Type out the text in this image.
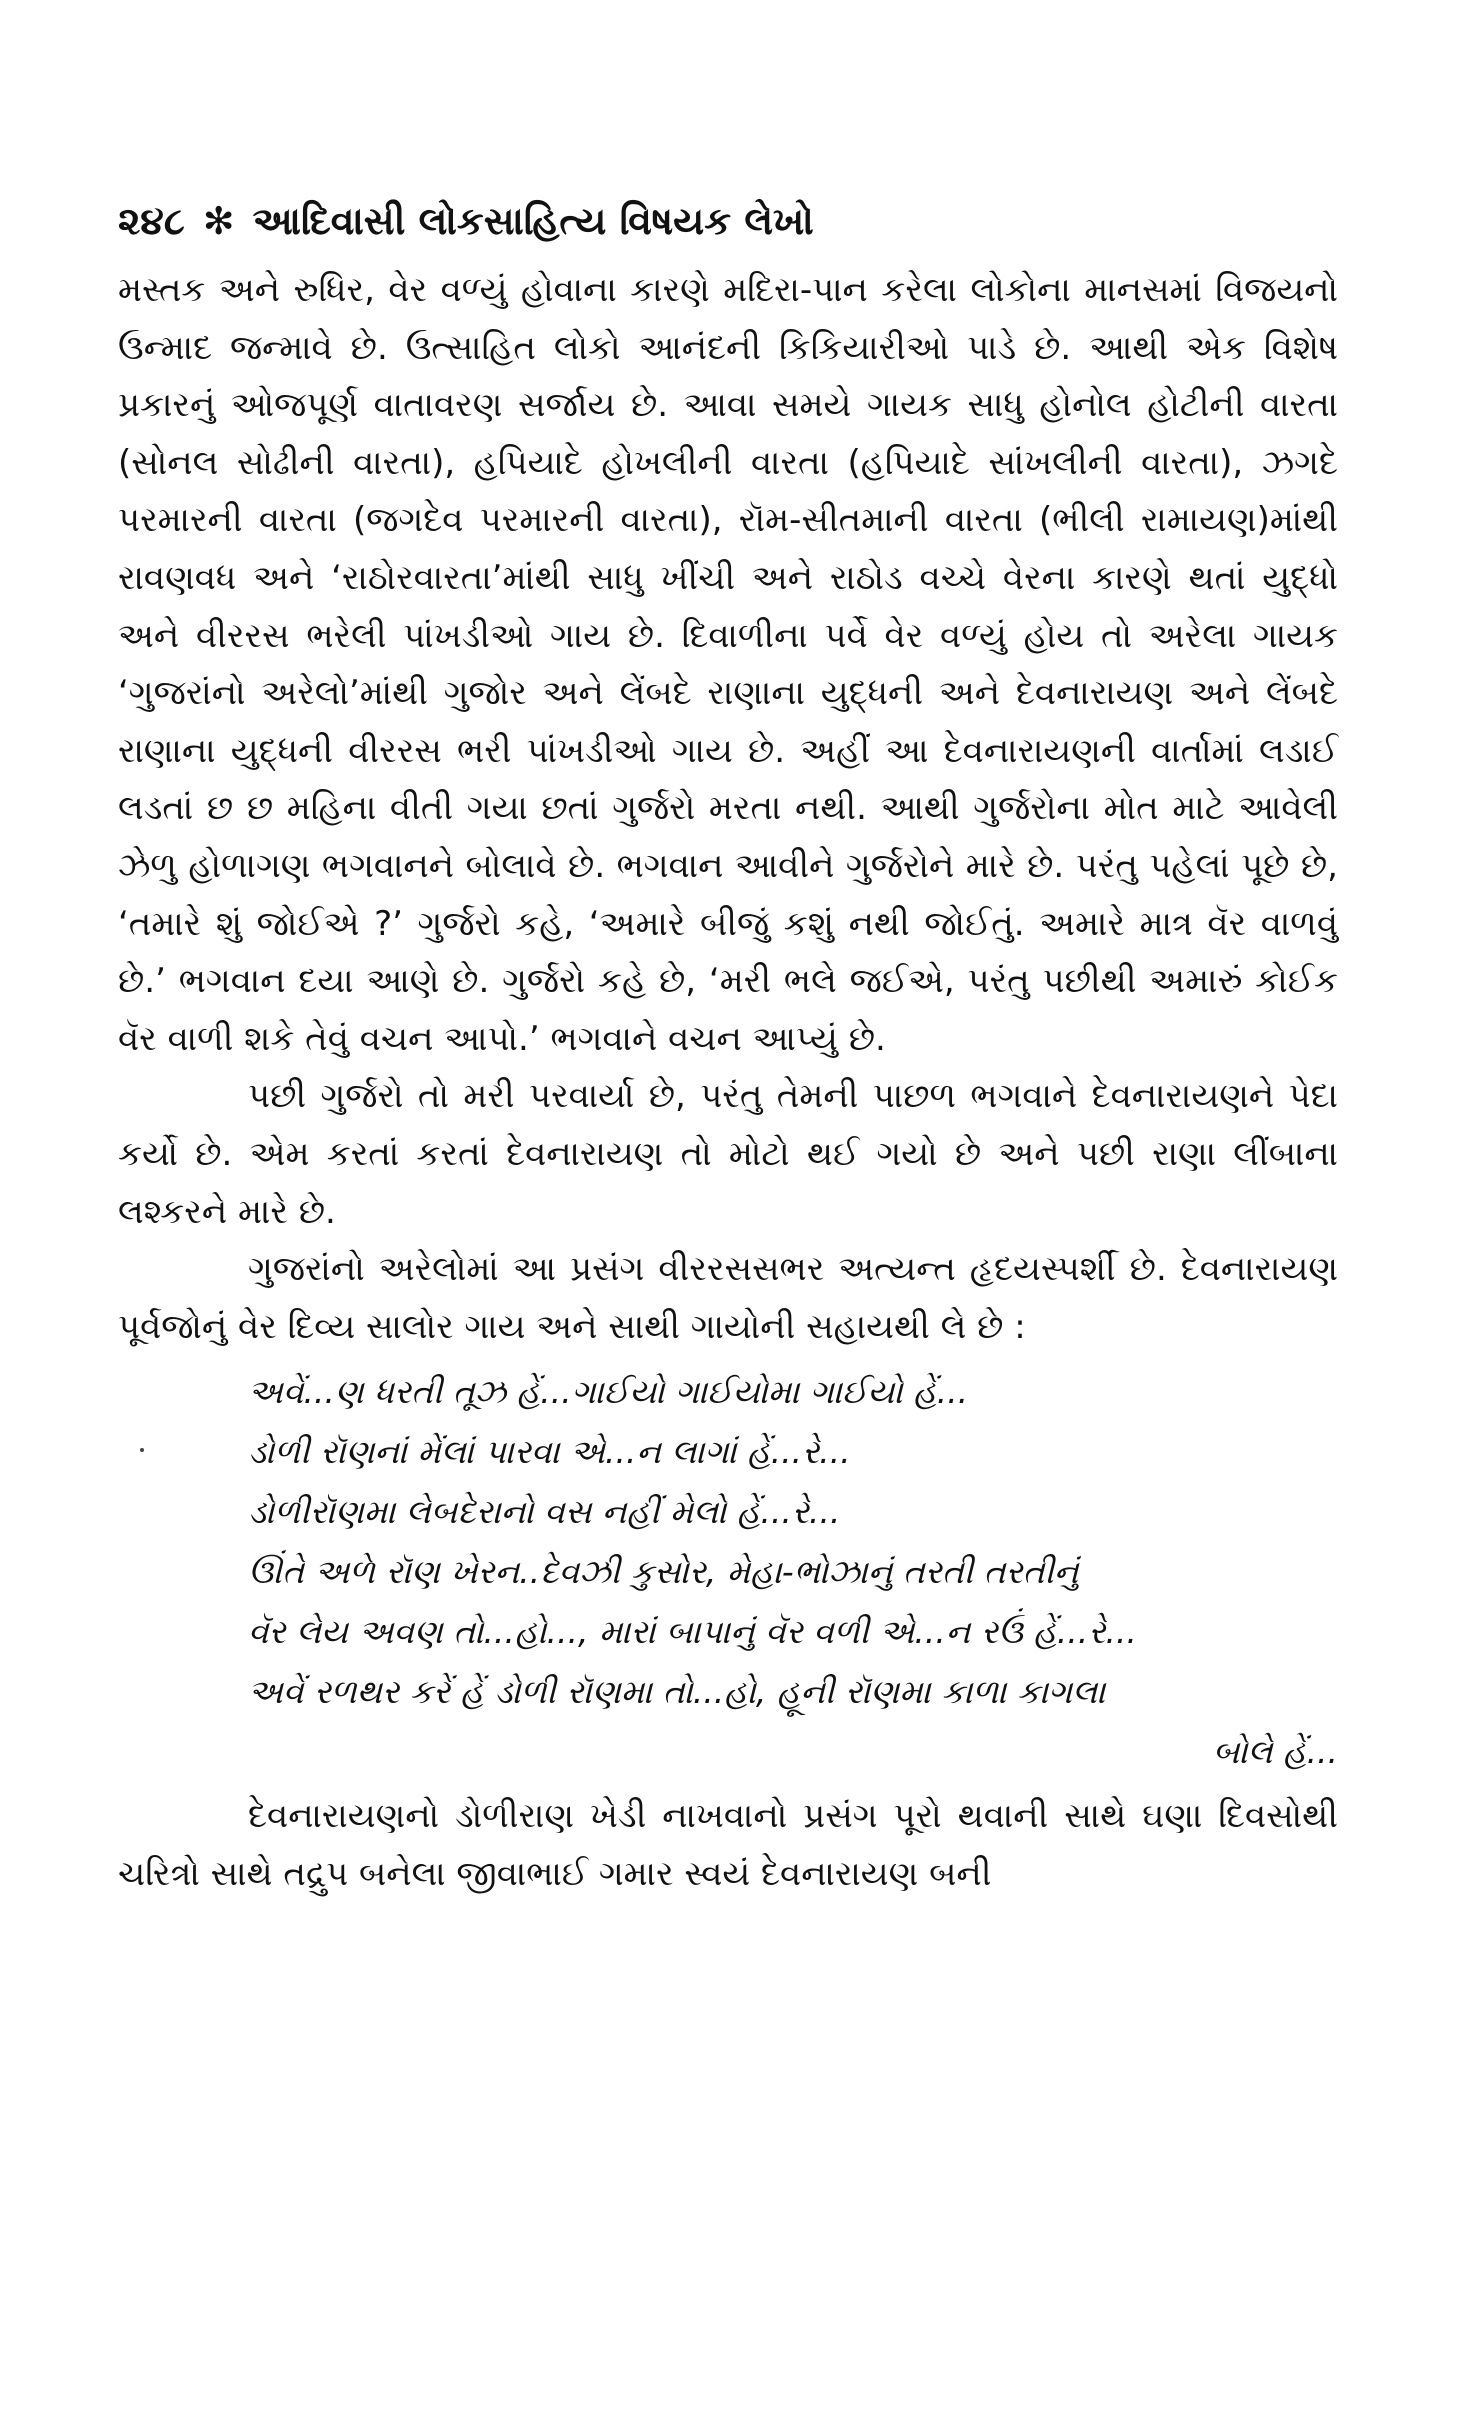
૨૪૮ ✻ આદિવાસી લોકસાહિત્ય વિષયક લેખો

મસ્તક અને રુધિર, વેર વળ્યું હોવાના કારણે મદિરા-પાન કરેલા લોકોના માનસમાં વિજયનો ઉન્માદ જન્માવે છે. ઉત્સાહિત લોકો આનંદની કિકિયારીઓ પાડે છે. આથી એક વિશેષ પ્રકારનું ઓજપૂર્ણ વાતાવરણ સર્જાય છે. આવા સમયે ગાયક સાધુ હોનોલ હોટીની વારતા (સોનલ સોઢીની વારતા), હપિયાદે હોખલીની વારતા (હપિયાદે સાંખલીની વારતા), ઝગદે પરમારની વારતા (જગદેવ પરમારની વારતા), રૉમ-સીતમાની વારતા (ભીલી રામાયણ)માંથી રાવણવધ અને ‘રાઠોરવારતા’માંથી સાધુ ખીંચી અને રાઠોડ વચ્ચે વેરના કારણે થતાં યુદ્ધો અને વીરરસ ભરેલી પાંખડીઓ ગાય છે. દિવાળીના પર્વે વેર વળ્યું હોય તો અરેલા ગાયક ‘ગુજરાંનો અરેલો’માંથી ગુજોર અને લેંબદે રાણાના યુદ્ધની અને દેવનારાયણ અને લેંબદે રાણાના યુદ્ધની વીરરસ ભરી પાંખડીઓ ગાય છે. અહીં આ દેવનારાયણની વાર્તામાં લડાઈ લડતાં છ છ મહિના વીતી ગયા છતાં ગુર્જરો મરતા નથી. આથી ગુર્જરોના મોત માટે આવેલી ઝેળુ હોળાગણ ભગવાનને બોલાવે છે. ભગવાન આવીને ગુર્જરોને મારે છે. પરંતુ પહેલાં પૂછે છે, ‘તમારે શું જોઈએ ?’ ગુર્જરો કહે, ‘અમારે બીજું કશું નથી જોઈતું. અમારે માત્ર વૅર વાળવું છે.’ ભગવાન દયા આણે છે. ગુર્જરો કહે છે, ‘મરી ભલે જઈએ, પરંતુ પછીથી અમારું કોઈક વૅર વાળી શકે તેવું વચન આપો.’ ભગવાને વચન આપ્યું છે.

પછી ગુર્જરો તો મરી પરવાર્યા છે, પરંતુ તેમની પાછળ ભગવાને દેવનારાયણને પેદા કર્યો છે. એમ કરતાં કરતાં દેવનારાયણ તો મોટો થઈ ગયો છે અને પછી રાણા લીંબાના લશ્કરને મારે છે.

ગુજરાંનો અરેલોમાં આ પ્રસંગ વીરરસસભર અત્યન્ત હૃદયસ્પર્શી છે. દેવનારાયણ પૂર્વજોનું વેર દિવ્ય સાલોર ગાય અને સાથી ગાયોની સહાયથી લે છે :

અવેં...ણ ધરતી તૂઝ હેં...ગાઈયો ગાઈયોમા ગાઈયો હેં...
ડોળી રૉણનાં મેંલાં પારવા એ...ન લાગાં હેં...રે...
ડોળીરૉણમા લેબદેરાનો વસ નહીં મેલો હેં...રે...
ઊંતે અળે રૉણ ખેરન..દેવઝી કુસોર, મેહા-ભોઝાનું તરતી તરતીનું
વૅર લેય અવણ તો...હો..., મારાં બાપાનું વૅર વળી એ...ન રઉં હેં...રે...
અવેં રળથર કરેં હેં ડોળી રૉણમા તો...હો, હૂની રૉણમા કાળા કાગલા
બોલે હેં...

દેવનારાયણનો ડોળીરાણ ખેડી નાખવાનો પ્રસંગ પૂરો થવાની સાથે ઘણા દિવસોથી ચરિત્રો સાથે તદ્રુપ બનેલા જીવાભાઈ ગમાર સ્વયં દેવનારાયણ બની
